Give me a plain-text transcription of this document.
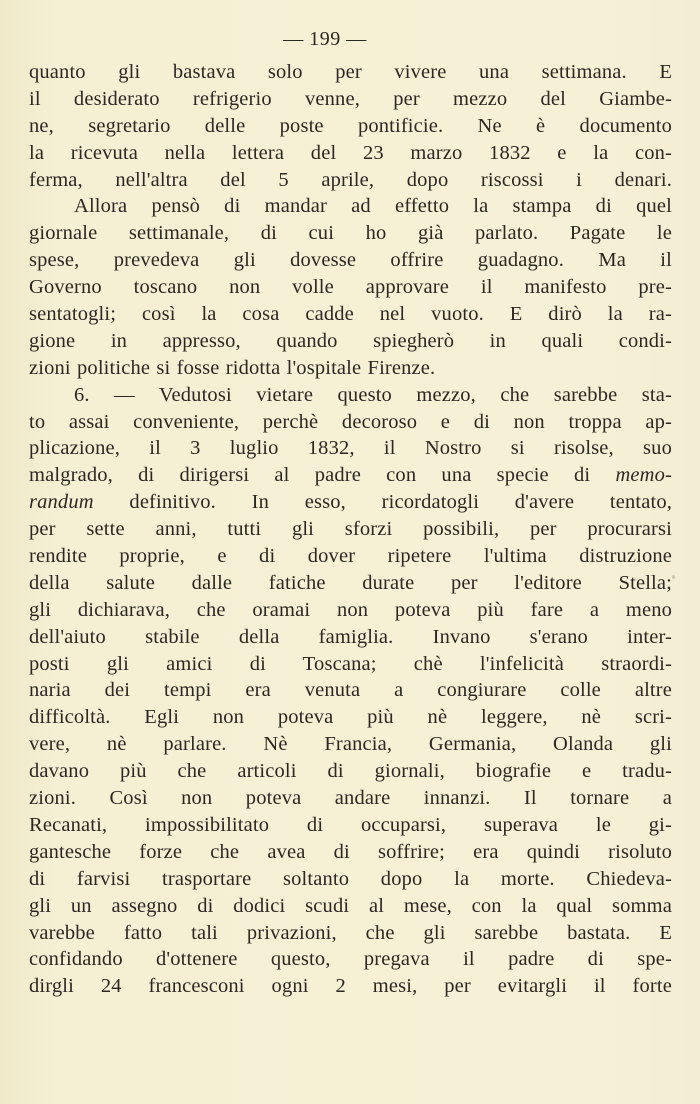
— 199 —
quanto gli bastava solo per vivere una settimana. E
il desiderato refrigerio venne, per mezzo del Giambe-
ne, segretario delle poste pontificie. Ne è documento
la ricevuta nella lettera del 23 marzo 1832 e la con-
ferma, nell'altra del 5 aprile, dopo riscossi i denari.
Allora pensò di mandar ad effetto la stampa di quel
giornale settimanale, di cui ho già parlato. Pagate le
spese, prevedeva gli dovesse offrire guadagno. Ma il
Governo toscano non volle approvare il manifesto pre-
sentatogli; così la cosa cadde nel vuoto. E dirò la ra-
gione in appresso, quando spiegherò in quali condi-
zioni politiche si fosse ridotta l'ospitale Firenze.
6. — Vedutosi vietare questo mezzo, che sarebbe sta-
to assai conveniente, perchè decoroso e di non troppa ap-
plicazione, il 3 luglio 1832, il Nostro si risolse, suo
malgrado, di dirigersi al padre con una specie di memo-
randum definitivo. In esso, ricordatogli d'avere tentato,
per sette anni, tutti gli sforzi possibili, per procurarsi
rendite proprie, e di dover ripetere l'ultima distruzione
della salute dalle fatiche durate per l'editore Stella;
gli dichiarava, che oramai non poteva più fare a meno
dell'aiuto stabile della famiglia. Invano s'erano inter-
posti gli amici di Toscana; chè l'infelicità straordi-
naria dei tempi era venuta a congiurare colle altre
difficoltà. Egli non poteva più nè leggere, nè scri-
vere, nè parlare. Nè Francia, Germania, Olanda gli
davano più che articoli di giornali, biografie e tradu-
zioni. Così non poteva andare innanzi. Il tornare a
Recanati, impossibilitato di occuparsi, superava le gi-
gantesche forze che avea di soffrire; era quindi risoluto
di farvisi trasportare soltanto dopo la morte. Chiedeva-
gli un assegno di dodici scudi al mese, con la qual somma
varebbe fatto tali privazioni, che gli sarebbe bastata. E
confidando d'ottenere questo, pregava il padre di spe-
dirgli 24 francesconi ogni 2 mesi, per evitargli il forte
